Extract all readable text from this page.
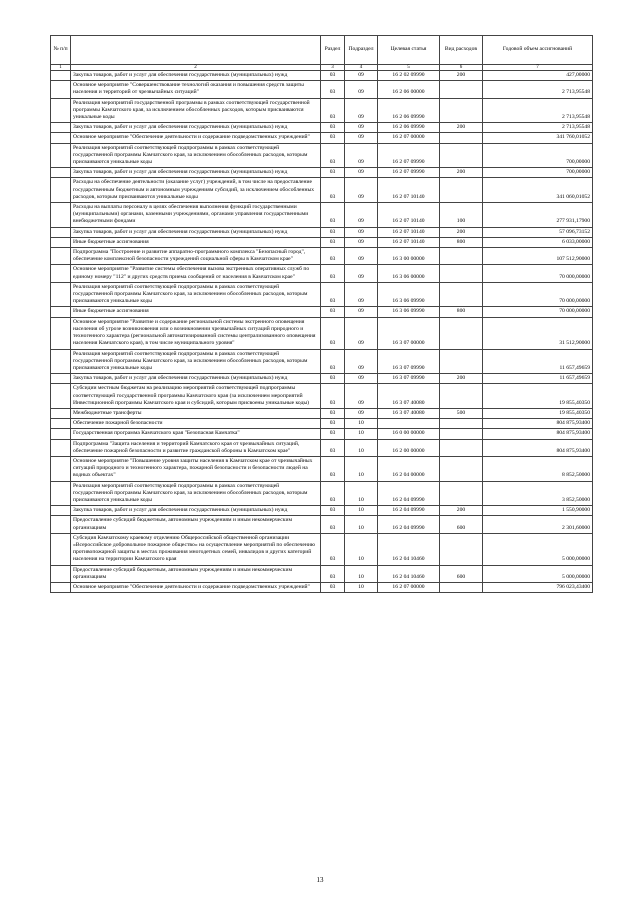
№ п/п		Раздел	Подраздел	Целевая статья	Вид расходов	Годовой объем ассигнований
1	2	3	4	5	6	7
	Закупка товаров, работ и услуг для обеспечения государственных (муниципальных) нужд	03	09	16 2 02 09990	200	427,00000
	Основное мероприятие "Совершенствование технологий оказания и повышения средств защиты населения и территорий от чрезвычайных ситуаций"	03	09	16 2 06 00000		2 713,95548
	Реализация мероприятий государственной программы в рамках соответствующей государственной программы Камчатского края, за исключением обособленных расходов, которым присваиваются уникальные коды	03	09	16 2 06 09990		2 713,95548
	Закупка товаров, работ и услуг для обеспечения государственных (муниципальных) нужд	03	09	16 2 06 09990	200	2 713,95548
	Основное мероприятие "Обеспечение деятельности и содержание подведомственных учреждений"	03	09	16 2 07 00000		341 760,01052
	Реализация мероприятий соответствующей подпрограммы в рамках соответствующей государственной программы Камчатского края, за исключением обособленных расходов, которым присваиваются уникальные коды	03	09	16 2 07 09990		700,00000
	Закупка товаров, работ и услуг для обеспечения государственных (муниципальных) нужд	03	09	16 2 07 09990	200	700,00000
	Расходы на обеспечение деятельности (оказание услуг) учреждений, в том числе на предоставление государственным бюджетным и автономным учреждениям субсидий, за исключением обособленных расходов, которым присваиваются уникальные коды	03	09	16 2 07 10140		341 060,01052
	Расходы на выплаты персоналу в целях обеспечения выполнения функций государственными (муниципальными) органами, казенными учреждениями, органами управления государственными внебюджетными фондами	03	09	16 2 07 10140	100	277 931,17900
	Закупка товаров, работ и услуг для обеспечения государственных (муниципальных) нужд	03	09	16 2 07 10140	200	57 096,73152
	Иные бюджетные ассигнования	03	09	16 2 07 10140	800	6 033,00000
	Подпрограмма "Построение и развитие аппаратно-программного комплекса "Безопасный город", обеспечение комплексной безопасности учреждений социальной сферы в Камчатском крае"	03	09	16 3 00 00000		107 512,90000
	Основное мероприятие "Развитие системы обеспечения вызова экстренных оперативных служб по единому номеру "112" и других средств приема сообщений от населения в Камчатском крае"	03	09	16 3 06 00000		70 000,00000
	Реализация мероприятий соответствующей подпрограммы в рамках соответствующей государственной программы Камчатского края, за исключением обособленных расходов, которым присваиваются уникальные коды	03	09	16 3 06 09990		70 000,00000
	Иные бюджетные ассигнования	03	09	16 3 06 09990	800	70 000,00000
	Основное мероприятие "Развитие и содержание региональной системы экстренного оповещения населения об угрозе возникновения или о возникновении чрезвычайных ситуаций природного и техногенного характера (региональной автоматизированной системы централизованного оповещения населения Камчатского края), в том числе муниципального уровня"	03	09	16 3 07 00000		31 512,90000
	Реализация мероприятий соответствующей подпрограммы в рамках соответствующей государственной программы Камчатского края, за исключением обособленных расходов, которым присваиваются уникальные коды	03	09	16 3 07 09990		11 657,49659
	Закупка товаров, работ и услуг для обеспечения государственных (муниципальных) нужд	03	09	16 3 07 09990	200	11 657,49659
	Субсидии местным бюджетам на реализацию мероприятий соответствующей подпрограммы соответствующей государственной программы Камчатского края (за исключением мероприятий Инвестиционной программы Камчатского края и субсидий, которым присвоены уникальные коды)	03	09	16 3 07 40080		19 855,40350
	Межбюджетные трансферты	03	09	16 3 07 40080	500	19 855,40350
	Обеспечение пожарной безопасности	03	10			804 875,93400
	Государственная программа Камчатского края "Безопасная Камчатка"	03	10	16 0 00 00000		804 875,93400
	Подпрограмма "Защита населения и территорий Камчатского края от чрезвычайных ситуаций, обеспечение пожарной безопасности и развитие гражданской обороны в Камчатском крае"	03	10	16 2 00 00000		804 875,93400
	Основное мероприятие "Повышение уровня защиты населения в Камчатском крае от чрезвычайных ситуаций природного и техногенного характера, пожарной безопасности и безопасности людей на водных объектах"	03	10	16 2 04 00000		8 852,50000
	Реализация мероприятий соответствующей подпрограммы в рамках соответствующей государственной программы Камчатского края, за исключением обособленных расходов, которым присваиваются уникальные коды	03	10	16 2 04 09990		3 852,50000
	Закупка товаров, работ и услуг для обеспечения государственных (муниципальных) нужд	03	10	16 2 04 09990	200	1 550,90000
	Предоставление субсидий бюджетным, автономным учреждениям и иным некоммерческим организациям	03	10	16 2 04 09990	600	2 301,60000
	Субсидия Камчатскому краевому отделению Общероссийской общественной организации «Всероссийское добровольное пожарное общество» на осуществление мероприятий по обеспечению противопожарной защиты в местах проживания многодетных семей, инвалидов и других категорий населения на территории Камчатского края	03	10	16 2 04 10460		5 000,00000
	Предоставление субсидий бюджетным, автономным учреждениям и иным некоммерческим организациям	03	10	16 2 04 10460	600	5 000,00000
	Основное мероприятие "Обеспечение деятельности и содержание подведомственных учреждений"	03	10	16 2 07 00000		796 023,43400
13
